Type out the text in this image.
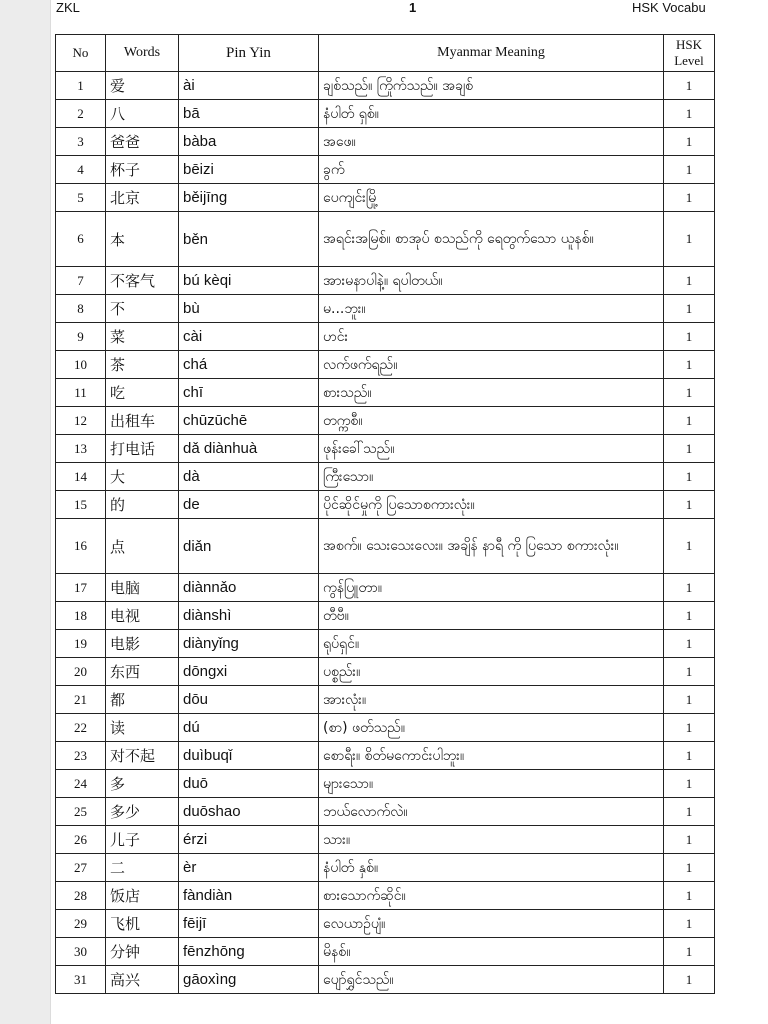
ZKL	1	HSK Vocabu
No	Words	Pin Yin	Myanmar Meaning	HSK Level
1	爱	ài	ချစ်သည်။ ကြိုက်သည်။ အချစ်	1
2	八	bā	နံပါတ် ရှစ်။	1
3	爸爸	bàba	အဖေ။	1
4	杯子	bēizi	ခွက်	1
5	北京	běijīng	ပေကျင်းမြို့	1
6	本	běn	အရင်းအမြစ်။ စာအုပ် စသည်ကို ရေတွက်သော ယူနစ်။	1
7	不客气	bú kèqi	အားမနာပါနဲ့။ ရပါတယ်။	1
8	不	bù	မ...ဘူး။	1
9	菜	cài	ဟင်း	1
10	茶	chá	လက်ဖက်ရည်။	1
11	吃	chī	စားသည်။	1
12	出租车	chūzūchē	တက္ကစီ။	1
13	打电话	dǎ diànhuà	ဖုန်းခေါ်သည်။	1
14	大	dà	ကြီးသော။	1
15	的	de	ပိုင်ဆိုင်မှုကို ပြသောစကားလုံး။	1
16	点	diǎn	အစက်။ သေးသေးလေး။ အချိန် နာရီ ကို ပြသော စကားလုံး။	1
17	电脑	diànnǎo	ကွန်ပြူတာ။	1
18	电视	diànshì	တီဗီ။	1
19	电影	diànyǐng	ရုပ်ရှင်။	1
20	东西	dōngxi	ပစ္စည်း။	1
21	都	dōu	အားလုံး။	1
22	读	dú	(စာ) ဖတ်သည်။	1
23	对不起	duìbuqǐ	စောရီး။ စိတ်မကောင်းပါဘူး။	1
24	多	duō	များသော။	1
25	多少	duōshao	ဘယ်လောက်လဲ။	1
26	儿子	érzi	သား။	1
27	二	èr	နံပါတ် နှစ်။	1
28	饭店	fàndiàn	စားသောက်ဆိုင်။	1
29	飞机	fēijī	လေယာဉ်ပျံ။	1
30	分钟	fēnzhōng	မိနစ်။	1
31	高兴	gāoxìng	ပျော်ရွှင်သည်။	1
